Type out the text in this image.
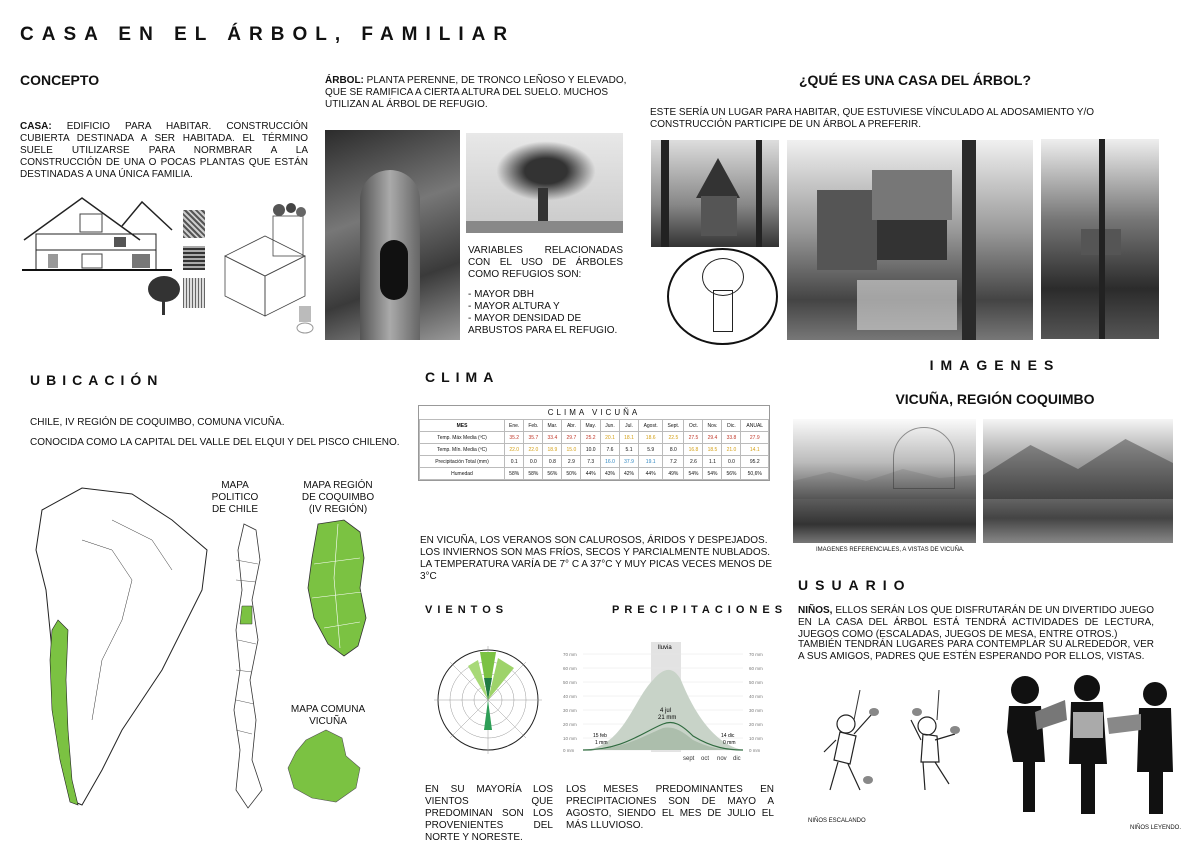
CASA EN EL ÁRBOL, FAMILIAR
CONCEPTO
CASA: EDIFICIO PARA HABITAR. CONSTRUCCIÓN CUBIERTA DESTINADA A SER HABITADA. EL TÉRMINO SUELE UTILIZARSE PARA NORMBRAR A LA CONSTRUCCIÓN DE UNA O POCAS PLANTAS QUE ESTÁN DESTINADAS A UNA ÚNICA FAMILIA.
ÁRBOL: PLANTA PERENNE, DE TRONCO LEÑOSO Y ELEVADO, QUE SE RAMIFICA A CIERTA ALTURA DEL SUELO. MUCHOS UTILIZAN AL ÁRBOL DE REFUGIO.
VARIABLES RELACIONADAS CON EL USO DE ÁRBOLES COMO REFUGIOS SON:
- MAYOR DBH
- MAYOR ALTURA Y
- MAYOR DENSIDAD DE ARBUSTOS PARA EL REFUGIO.
¿QUÉ ES UNA CASA DEL ÁRBOL?
ESTE SERÍA UN LUGAR PARA HABITAR, QUE ESTUVIESE VÍNCULADO AL ADOSAMIENTO Y/O CONSTRUCCIÓN PARTICIPE DE UN ÁRBOL A PREFERIR.
UBICACIÓN
CHILE, IV REGIÓN DE COQUIMBO, COMUNA VICUÑA.
CONOCIDA COMO LA CAPITAL DEL VALLE DEL ELQUI Y DEL PISCO CHILENO.
MAPA POLITICO DE CHILE
MAPA REGIÓN DE COQUIMBO (IV REGIÓN)
MAPA COMUNA VICUÑA
CLIMA
CLIMA VICUÑA
MES	Ene.	Feb.	Mar.	Abr.	May.	Jun.	Jul.	Agost.	Sept.	Oct.	Nov.	Dic.	ANUAL
Temp. Máx Media (ºC)	35.2	35.7	33.4	29.7	25.2	20.1	18.1	18.6	22.5	27.5	29.4	33.8	27.9
Temp. Mín. Media (ºC)	22.0	22.0	18.9	15.0	10.0	7.6	5.1	5.9	8.0	16.8	18.5	21.0	14.1
Precipitación Total (mm)	0.1	0.0	0.8	2.9	7.3	16.0	37.9	19.1	7.2	2.6	1.1	0.0	95.2
Humedad	58%	58%	56%	50%	44%	43%	42%	44%	49%	54%	54%	56%	50,6%
EN VICUÑA, LOS VERANOS SON CALUROSOS, ÁRIDOS Y DESPEJADOS. LOS INVIERNOS SON MAS FRÍOS, SECOS Y PARCIALMENTE NUBLADOS. LA TEMPERATURA VARÍA DE 7° C A 37°C Y MUY PICAS VECES MENOS DE 3°C
VIENTOS
EN SU MAYORÍA LOS VIENTOS QUE PREDOMINAN SON LOS PROVENIENTES DEL NORTE Y NORESTE.
PRECIPITACIONES
lluvia
4 jul
21 mm
15 feb
1 mm
14 dic
0 mm
70 mm
60 mm
50 mm
40 mm
30 mm
20 mm
10 mm
0 mm
70 mm
60 mm
50 mm
40 mm
30 mm
20 mm
10 mm
0 mm
sept oct nov dic
LOS MESES PREDOMINANTES EN PRECIPITACIONES SON DE MAYO A AGOSTO, SIENDO EL MES DE JULIO EL MÁS LLUVIOSO.
IMAGENES
VICUÑA, REGIÓN COQUIMBO
IMAGENES REFERENCIALES, A VISTAS DE VICUÑA.
USUARIO
NIÑOS, ELLOS SERÁN LOS QUE DISFRUTARÁN DE UN DIVERTIDO JUEGO EN LA CASA DEL ÁRBOL ESTÁ TENDRÁ ACTIVIDADES DE LECTURA, JUEGOS COMO (ESCALADAS, JUEGOS DE MESA, ENTRE OTROS.)
TAMBIÉN TENDRÁN LUGARES PARA CONTEMPLAR SU ALREDEDOR, VER A SUS AMIGOS, PADRES QUE ESTÉN ESPERANDO POR ELLOS, VISTAS.
NIÑOS ESCALANDO
NIÑOS LEYENDO.
